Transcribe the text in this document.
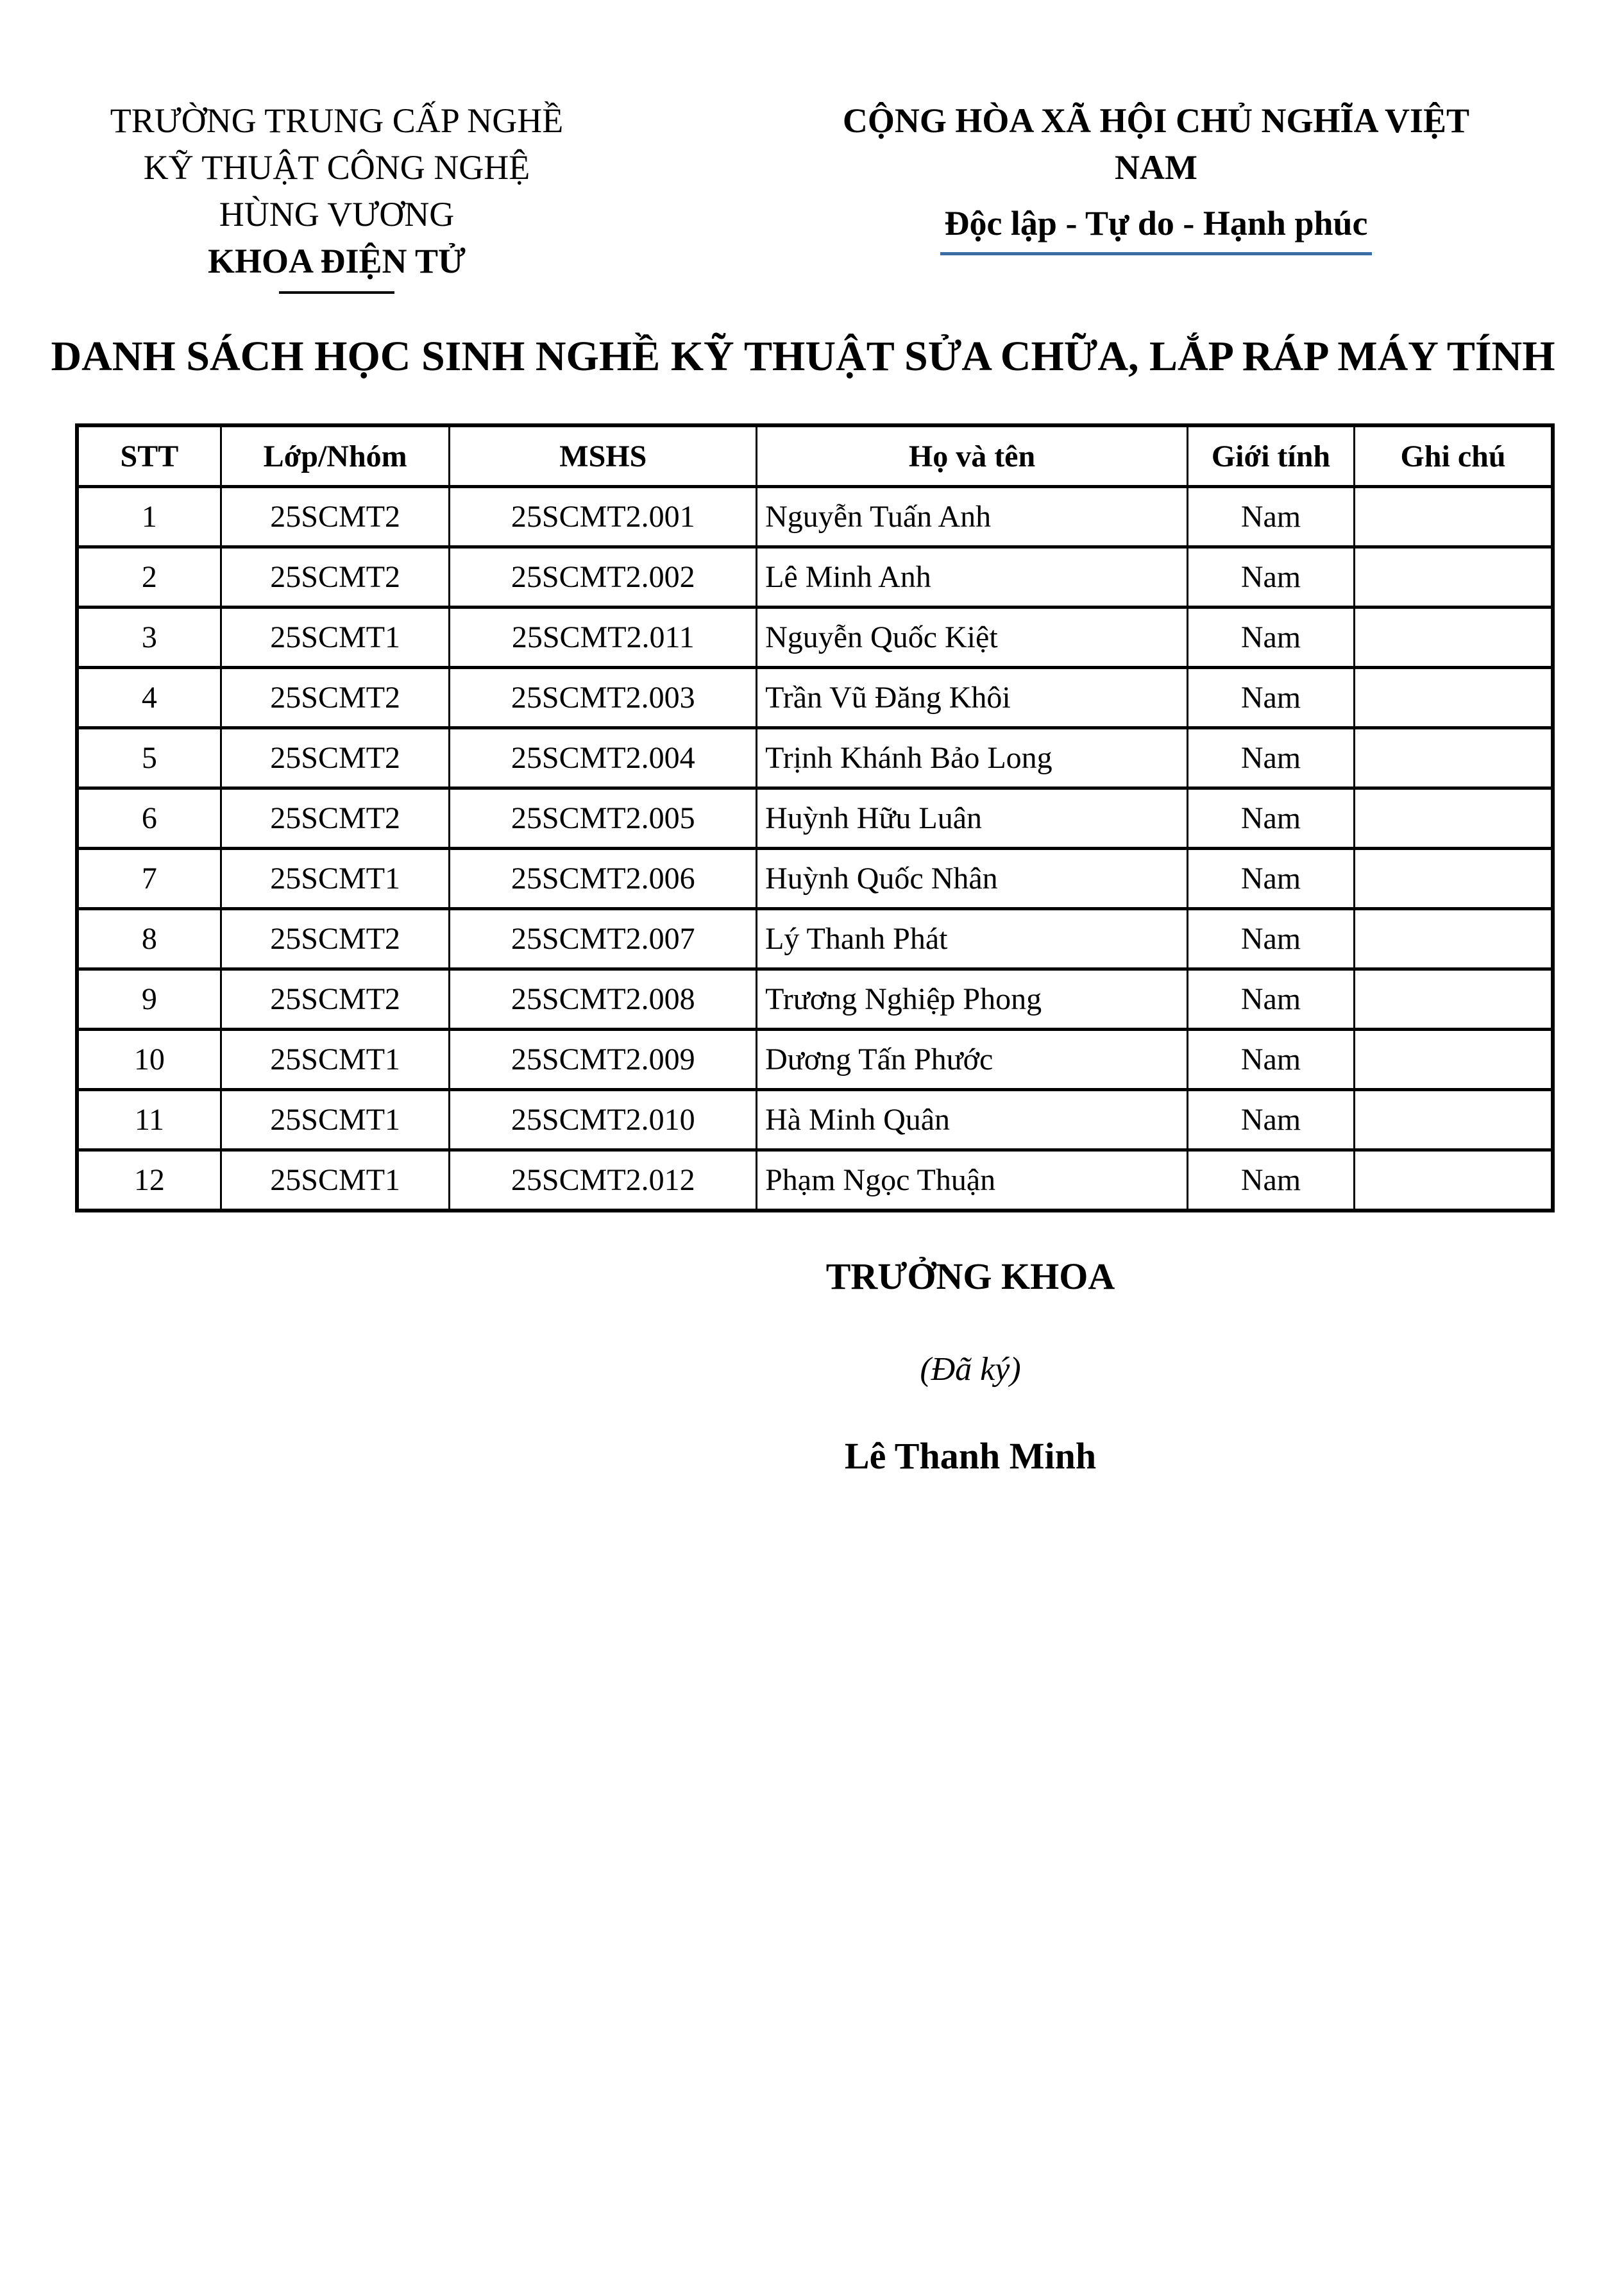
TRƯỜNG TRUNG CẤP NGHỀ
KỸ THUẬT CÔNG NGHỆ
HÙNG VƯƠNG
KHOA ĐIỆN TỬ
CỘNG HÒA XÃ HỘI CHỦ NGHĨA VIỆT NAM
Độc lập - Tự do - Hạnh phúc
DANH SÁCH HỌC SINH NGHỀ KỸ THUẬT SỬA CHỮA, LẮP RÁP MÁY TÍNH
STT	Lớp/Nhóm	MSHS	Họ và tên	Giới tính	Ghi chú
1	25SCMT2	25SCMT2.001	Nguyễn Tuấn Anh	Nam	
2	25SCMT2	25SCMT2.002	Lê Minh Anh	Nam	
3	25SCMT1	25SCMT2.011	Nguyễn Quốc Kiệt	Nam	
4	25SCMT2	25SCMT2.003	Trần Vũ Đăng Khôi	Nam	
5	25SCMT2	25SCMT2.004	Trịnh Khánh Bảo Long	Nam	
6	25SCMT2	25SCMT2.005	Huỳnh Hữu Luân	Nam	
7	25SCMT1	25SCMT2.006	Huỳnh Quốc Nhân	Nam	
8	25SCMT2	25SCMT2.007	Lý Thanh Phát	Nam	
9	25SCMT2	25SCMT2.008	Trương Nghiệp Phong	Nam	
10	25SCMT1	25SCMT2.009	Dương Tấn Phước	Nam	
11	25SCMT1	25SCMT2.010	Hà Minh Quân	Nam	
12	25SCMT1	25SCMT2.012	Phạm Ngọc Thuận	Nam	
TRƯỞNG KHOA
(Đã ký)
Lê Thanh Minh
